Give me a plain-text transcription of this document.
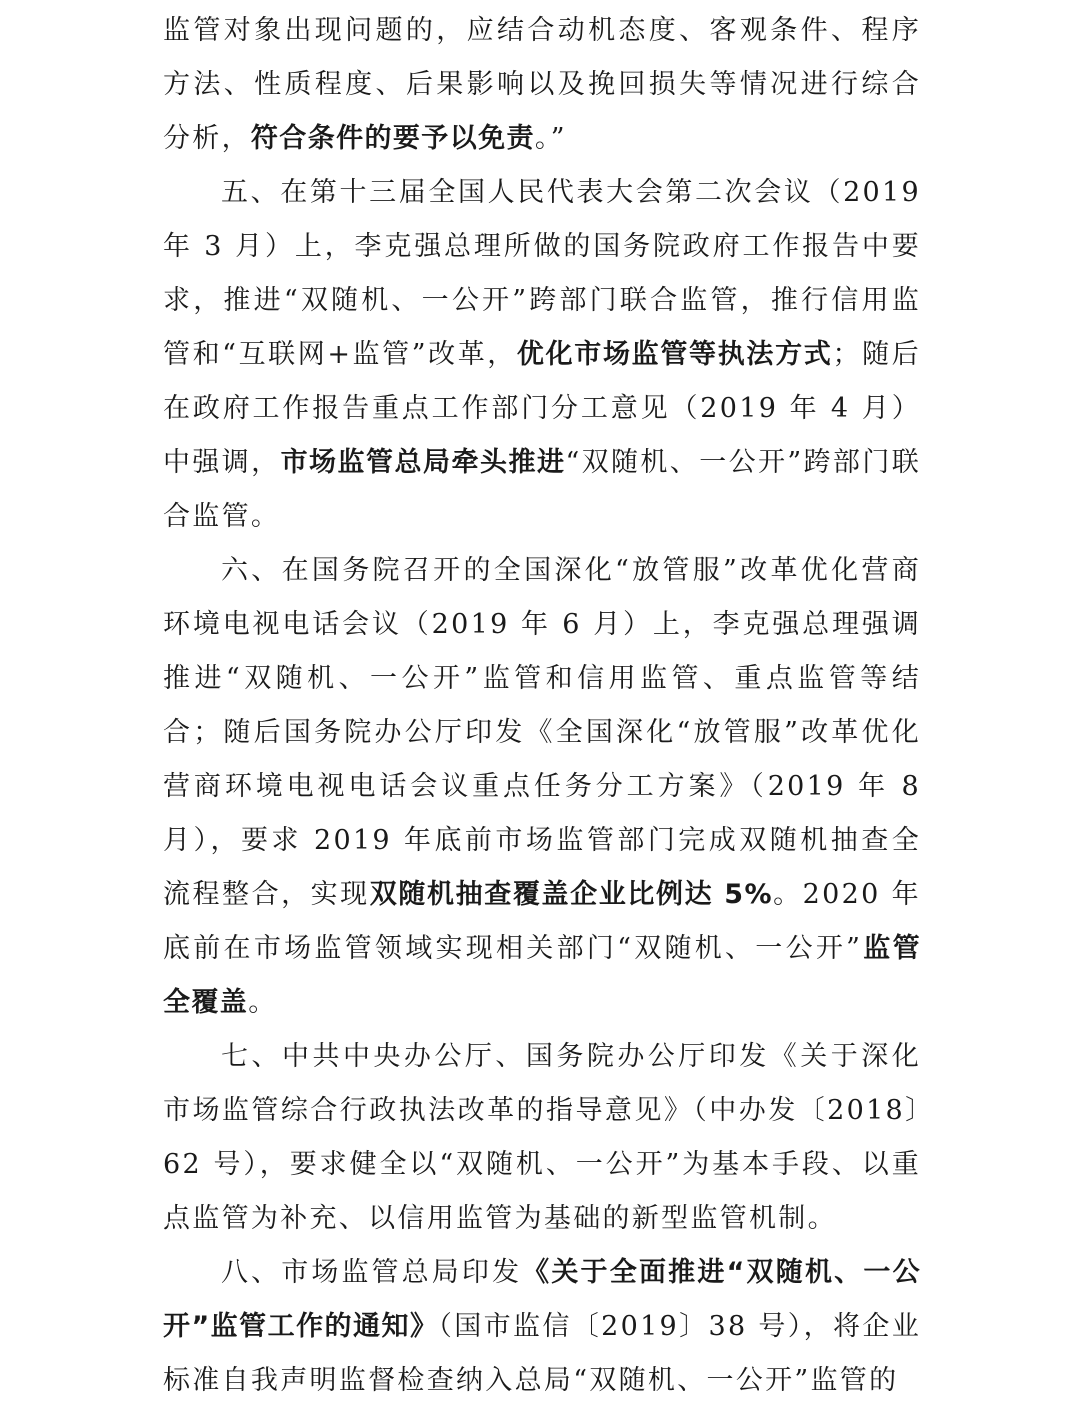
监管对象出现问题的，应结合动机态度、客观条件、程序方法、性质程度、后果影响以及挽回损失等情况进行综合分析，符合条件的要予以免责。”

五、在第十三届全国人民代表大会第二次会议（2019 年 3 月）上，李克强总理所做的国务院政府工作报告中要求，推进“双随机、一公开”跨部门联合监管，推行信用监管和“互联网+监管”改革，优化市场监管等执法方式；随后在政府工作报告重点工作部门分工意见（2019 年 4 月）中强调，市场监管总局牵头推进“双随机、一公开”跨部门联合监管。

六、在国务院召开的全国深化“放管服”改革优化营商环境电视电话会议（2019 年 6 月）上，李克强总理强调推进“双随机、一公开”监管和信用监管、重点监管等结合；随后国务院办公厅印发《全国深化“放管服”改革优化营商环境电视电话会议重点任务分工方案》（2019 年 8 月），要求 2019 年底前市场监管部门完成双随机抽查全流程整合，实现双随机抽查覆盖企业比例达 5%。2020 年底前在市场监管领域实现相关部门“双随机、一公开”监管全覆盖。

七、中共中央办公厅、国务院办公厅印发《关于深化市场监管综合行政执法改革的指导意见》（中办发〔2018〕62 号），要求健全以“双随机、一公开”为基本手段、以重点监管为补充、以信用监管为基础的新型监管机制。

八、市场监管总局印发《关于全面推进“双随机、一公开”监管工作的通知》（国市监信〔2019〕38 号），将企业标准自我声明监督检查纳入总局“双随机、一公开”监管的
